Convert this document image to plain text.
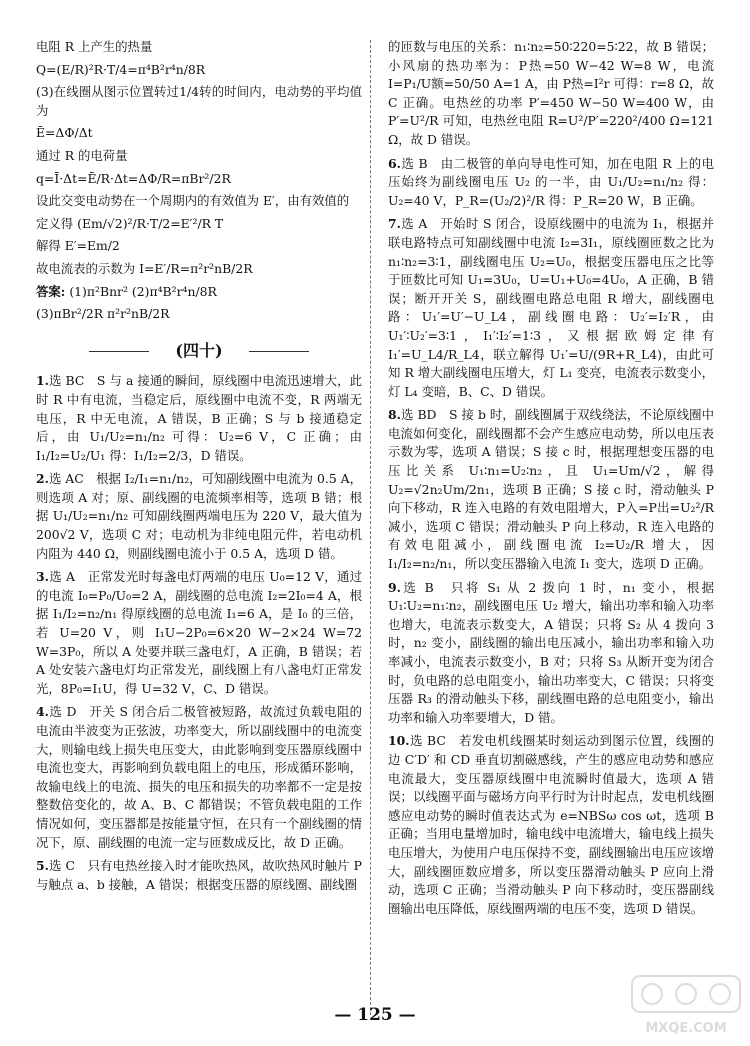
电阻 R 上产生的热量

Q=(E/R)²R·T/4=π⁴B²r⁴n/8R

(3)在线圈从图示位置转过1/4转的时间内，电动势的平均值为

Ē=ΔΦ/Δt

通过 R 的电荷量

q=Ī·Δt=Ē/R·Δt=ΔΦ/R=πBr²/2R

设此交变电动势在一个周期内的有效值为 E′，由有效值的

定义得 (Em/√2)²/R·T/2=E′²/R T

解得 E′=Em/2

故电流表的示数为 I=E′/R=π²r²nB/2R

答案: (1)π²Bnr² (2)π⁴B²r⁴n/8R

(3)πBr²/2R π²r²nB/2R

(四十)

1.选 BC　S 与 a 接通的瞬间，原线圈中电流迅速增大，此时 R 中有电流，当稳定后，原线圈中电流不变，R 两端无电压，R 中无电流，A 错误，B 正确；S 与 b 接通稳定后，由 U₁/U₂=n₁/n₂ 可得：U₂=6 V，C 正确；由 I₁/I₂=U₂/U₁ 得：I₁/I₂=2/3，D 错误。

2.选 AC　根据 I₂/I₁=n₁/n₂，可知副线圈中电流为 0.5 A，则选项 A 对；原、副线圈的电流频率相等，选项 B 错；根据 U₁/U₂=n₁/n₂ 可知副线圈两端电压为 220 V，最大值为 200√2 V，选项 C 对；电动机为非纯电阻元件，若电动机内阻为 440 Ω，则副线圈电流小于 0.5 A，选项 D 错。

3.选 A　正常发光时每盏电灯两端的电压 U₀=12 V，通过的电流 I₀=P₀/U₀=2 A，副线圈的总电流 I₂=2I₀=4 A，根据 I₁/I₂=n₂/n₁ 得原线圈的总电流 I₁=6 A，是 I₀ 的三倍，若 U=20 V，则 I₁U−2P₀=6×20 W−2×24 W=72 W=3P₀，所以 A 处要并联三盏电灯，A 正确，B 错误；若 A 处安装六盏电灯均正常发光，副线圈上有八盏电灯正常发光，8P₀=I₁U，得 U=32 V，C、D 错误。

4.选 D　开关 S 闭合后二极管被短路，故流过负载电阻的电流由半波变为正弦波，功率变大，所以副线圈中的电流变大，则输电线上损失电压变大，由此影响到变压器原线圈中电流也变大，再影响到负载电阻上的电压，形成循环影响，故输电线上的电流、损失的电压和损失的功率都不一定是按整数倍变化的，故 A、B、C 都错误；不管负载电阻的工作情况如何，变压器都是按能量守恒，在只有一个副线圈的情况下，原、副线圈的电流一定与匝数成反比，故 D 正确。

5.选 C　只有电热丝接入时才能吹热风，故吹热风时触片 P 与触点 a、b 接触，A 错误；根据变压器的原线圈、副线圈

的匝数与电压的关系：n₁∶n₂=50∶220=5∶22，故 B 错误；小风扇的热功率为：P热=50 W−42 W=8 W，电流 I=P₁/U额=50/50 A=1 A，由 P热=I²r 可得：r=8 Ω，故 C 正确。电热丝的功率 P′=450 W−50 W=400 W，由 P′=U²/R 可知，电热丝电阻 R=U²/P′=220²/400 Ω=121 Ω，故 D 错误。

6.选 B　由二极管的单向导电性可知，加在电阻 R 上的电压始终为副线圈电压 U₂ 的一半，由 U₁/U₂=n₁/n₂ 得：U₂=40 V，P_R=(U₂/2)²/R 得：P_R=20 W，B 正确。

7.选 A　开始时 S 闭合，设原线圈中的电流为 I₁，根据并联电路特点可知副线圈中电流 I₂=3I₁，原线圈匝数之比为 n₁∶n₂=3∶1，副线圈电压 U₂=U₀，根据变压器电压之比等于匝数比可知 U₁=3U₀，U=U₁+U₀=4U₀，A 正确，B 错误；断开开关 S，副线圈电路总电阻 R 增大，副线圈电路：U₁′=U′−U_L4，副线圈电路：U₂′=I₂′R，由 U₁′∶U₂′=3∶1，I₁′∶I₂′=1∶3，又根据欧姆定律有 I₁′=U_L4/R_L4，联立解得 U₁′=U/(9R+R_L4)，由此可知 R 增大副线圈电压增大，灯 L₁ 变亮，电流表示数变小，灯 L₄ 变暗，B、C、D 错误。

8.选 BD　S 接 b 时，副线圈属于双线绕法，不论原线圈中电流如何变化，副线圈都不会产生感应电动势，所以电压表示数为零，选项 A 错误；S 接 c 时，根据理想变压器的电压比关系 U₁∶n₁=U₂∶n₂，且 U₁=Um/√2，解得 U₂=√2n₂Um/2n₁，选项 B 正确；S 接 c 时，滑动触头 P 向下移动，R 连入电路的有效电阻增大，P入=P出=U₂²/R 减小，选项 C 错误；滑动触头 P 向上移动，R 连入电路的有效电阻减小，副线圈电流 I₂=U₂/R 增大，因 I₁/I₂=n₂/n₁，所以变压器输入电流 I₁ 变大，选项 D 正确。

9.选 B　只将 S₁ 从 2 拨向 1 时，n₁ 变小，根据 U₁∶U₂=n₁∶n₂，副线圈电压 U₂ 增大，输出功率和输入功率也增大，电流表示数变大，A 错误；只将 S₂ 从 4 拨向 3 时，n₂ 变小，副线圈的输出电压减小，输出功率和输入功率减小，电流表示数变小，B 对；只将 S₃ 从断开变为闭合时，负电路的总电阻变小，输出功率变大，C 错误；只将变压器 R₃ 的滑动触头下移，副线圈电路的总电阻变小，输出功率和输入功率要增大，D 错。

10.选 BC　若发电机线圈某时刻运动到图示位置，线圈的边 C′D′ 和 CD 垂直切割磁感线，产生的感应电动势和感应电流最大，变压器原线圈中电流瞬时值最大，选项 A 错误；以线圈平面与磁场方向平行时为计时起点，发电机线圈感应电动势的瞬时值表达式为 e=NBSω cos ωt，选项 B 正确；当用电量增加时，输电线中电流增大，输电线上损失电压增大，为使用户电压保持不变，副线圈输出电压应该增大，副线圈匝数应增多，所以变压器滑动触头 P 应向上滑动，选项 C 正确；当滑动触头 P 向下移动时，变压器副线圈输出电压降低，原线圈两端的电压不变，选项 D 错误。

— 125 —
MXQE.COM
